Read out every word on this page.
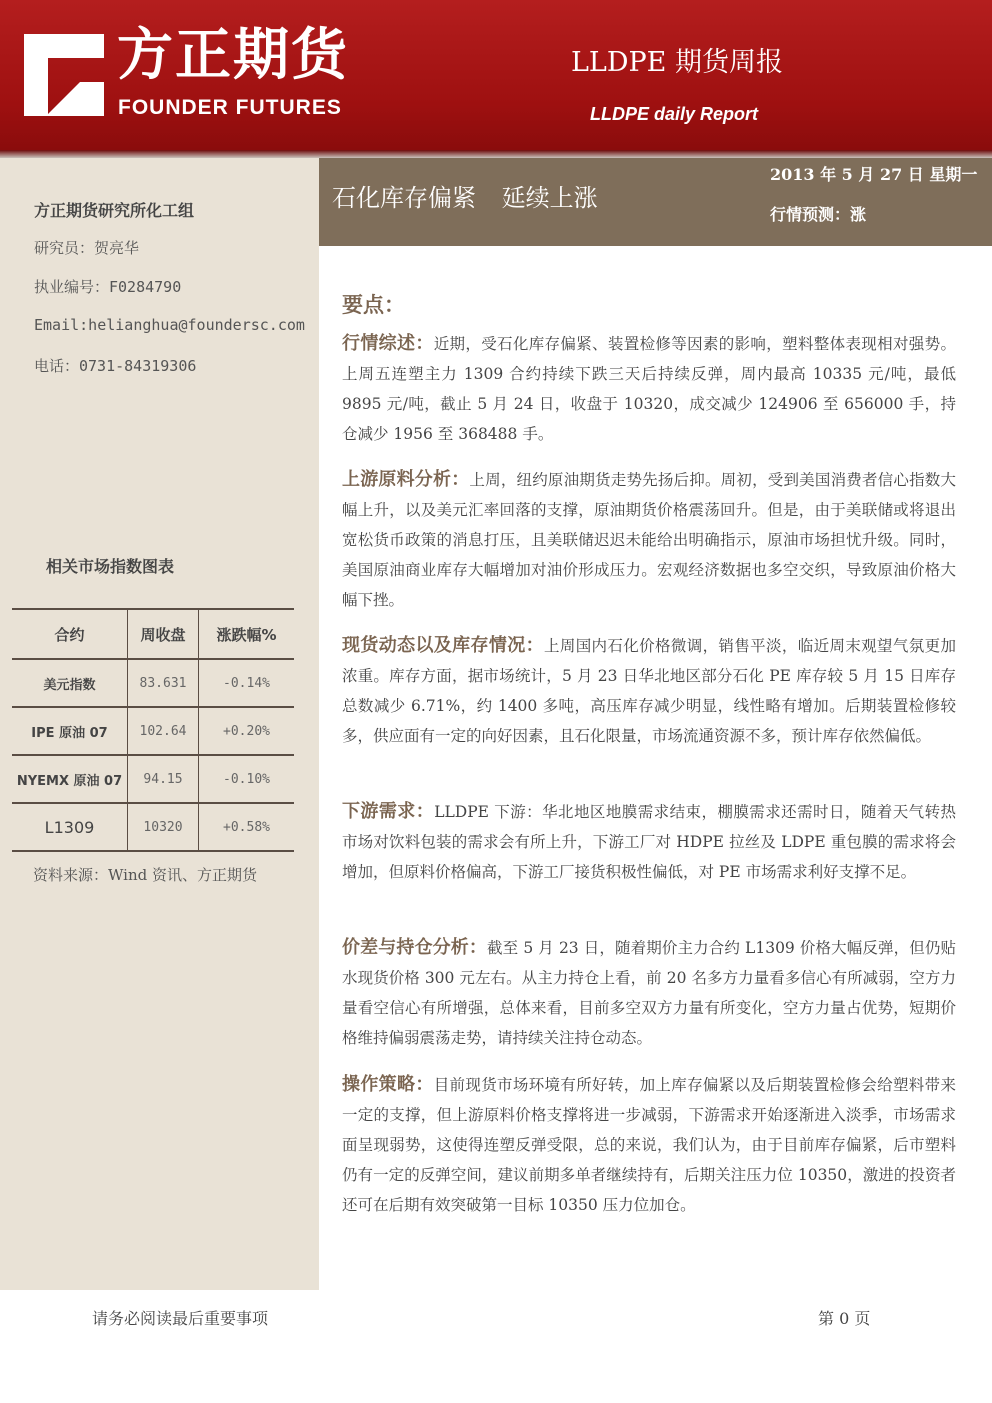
方正期货
FOUNDER FUTURES
LLDPE 期货周报
LLDPE daily Report
方正期货研究所化工组
研究员：贺亮华
执业编号：F0284790
Email:helianghua@foundersc.com
电话：0731-84319306
相关市场指数图表
合约	周收盘	涨跌幅%
美元指数	83.631	-0.14%
IPE 原油 07	102.64	+0.20%
NYEMX 原油 07	94.15	-0.10%
L1309	10320	+0.58%
资料来源：Wind 资讯、方正期货
石化库存偏紧 延续上涨
2013 年 5 月 27 日 星期一
行情预测：涨
要点：
行情综述：近期，受石化库存偏紧、装置检修等因素的影响，塑料整体表现相对强势。上周五连塑主力 1309 合约持续下跌三天后持续反弹，周内最高 10335 元/吨，最低 9895 元/吨，截止 5 月 24 日，收盘于 10320，成交减少 124906 至 656000 手，持仓减少 1956 至 368488 手。
上游原料分析：上周，纽约原油期货走势先扬后抑。周初，受到美国消费者信心指数大幅上升，以及美元汇率回落的支撑，原油期货价格震荡回升。但是，由于美联储或将退出宽松货币政策的消息打压，且美联储迟迟未能给出明确指示，原油市场担忧升级。同时，美国原油商业库存大幅增加对油价形成压力。宏观经济数据也多空交织，导致原油价格大幅下挫。
现货动态以及库存情况：上周国内石化价格微调，销售平淡，临近周末观望气氛更加浓重。库存方面，据市场统计，5 月 23 日华北地区部分石化 PE 库存较 5 月 15 日库存总数减少 6.71%，约 1400 多吨，高压库存减少明显，线性略有增加。后期装置检修较多，供应面有一定的向好因素，且石化限量，市场流通资源不多，预计库存依然偏低。
下游需求：LLDPE 下游：华北地区地膜需求结束，棚膜需求还需时日，随着天气转热市场对饮料包装的需求会有所上升，下游工厂对 HDPE 拉丝及 LDPE 重包膜的需求将会增加，但原料价格偏高，下游工厂接货积极性偏低，对 PE 市场需求利好支撑不足。
价差与持仓分析：截至 5 月 23 日，随着期价主力合约 L1309 价格大幅反弹，但仍贴水现货价格 300 元左右。从主力持仓上看，前 20 名多方力量看多信心有所减弱，空方力量看空信心有所增强，总体来看，目前多空双方力量有所变化，空方力量占优势，短期价格维持偏弱震荡走势，请持续关注持仓动态。
操作策略：目前现货市场环境有所好转，加上库存偏紧以及后期装置检修会给塑料带来一定的支撑，但上游原料价格支撑将进一步减弱，下游需求开始逐渐进入淡季，市场需求面呈现弱势，这使得连塑反弹受限，总的来说，我们认为，由于目前库存偏紧，后市塑料仍有一定的反弹空间，建议前期多单者继续持有，后期关注压力位 10350，激进的投资者还可在后期有效突破第一目标 10350 压力位加仓。
请务必阅读最后重要事项	第 0 页
